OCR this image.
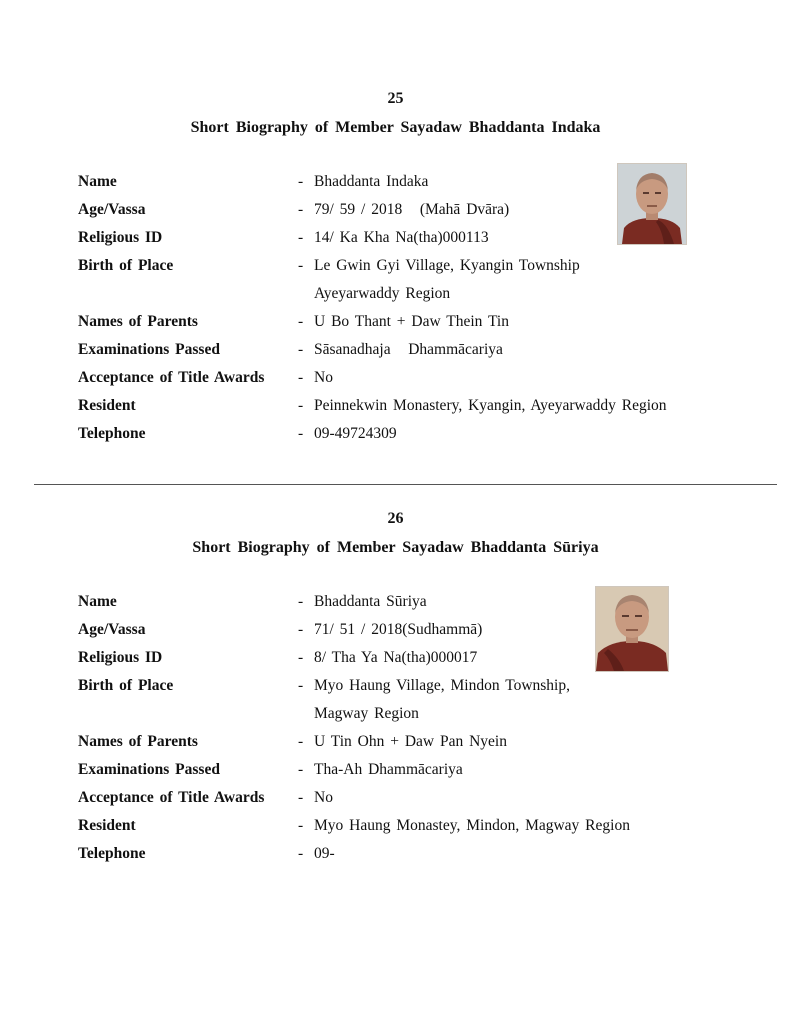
25
Short Biography of Member Sayadaw Bhaddanta Indaka
Name	- Bhaddanta Indaka
Age/Vassa	- 79/ 59 / 2018   (Mahā Dvāra)
Religious ID	- 14/ Ka Kha Na(tha)000113
Birth of Place	- Le Gwin Gyi Village, Kyangin Township
Ayeyarwaddy Region
Names of Parents	- U Bo Thant + Daw Thein Tin
Examinations Passed	- Sāsanadhaja   Dhammācariya
Acceptance of Title Awards - No
Resident	- Peinnekwin Monastery, Kyangin, Ayeyarwaddy Region
Telephone	- 09-49724309
26
Short Biography of Member Sayadaw Bhaddanta Sūriya
Name	- Bhaddanta Sūriya
Age/Vassa	- 71/ 51 / 2018(Sudhammā)
Religious ID	- 8/ Tha Ya Na(tha)000017
Birth of Place	- Myo Haung Village, Mindon Township,
Magway Region
Names of Parents	- U Tin Ohn + Daw Pan Nyein
Examinations Passed	- Tha-Ah Dhammācariya
Acceptance of Title Awards - No
Resident	- Myo Haung Monastey, Mindon, Magway Region
Telephone	- 09-
